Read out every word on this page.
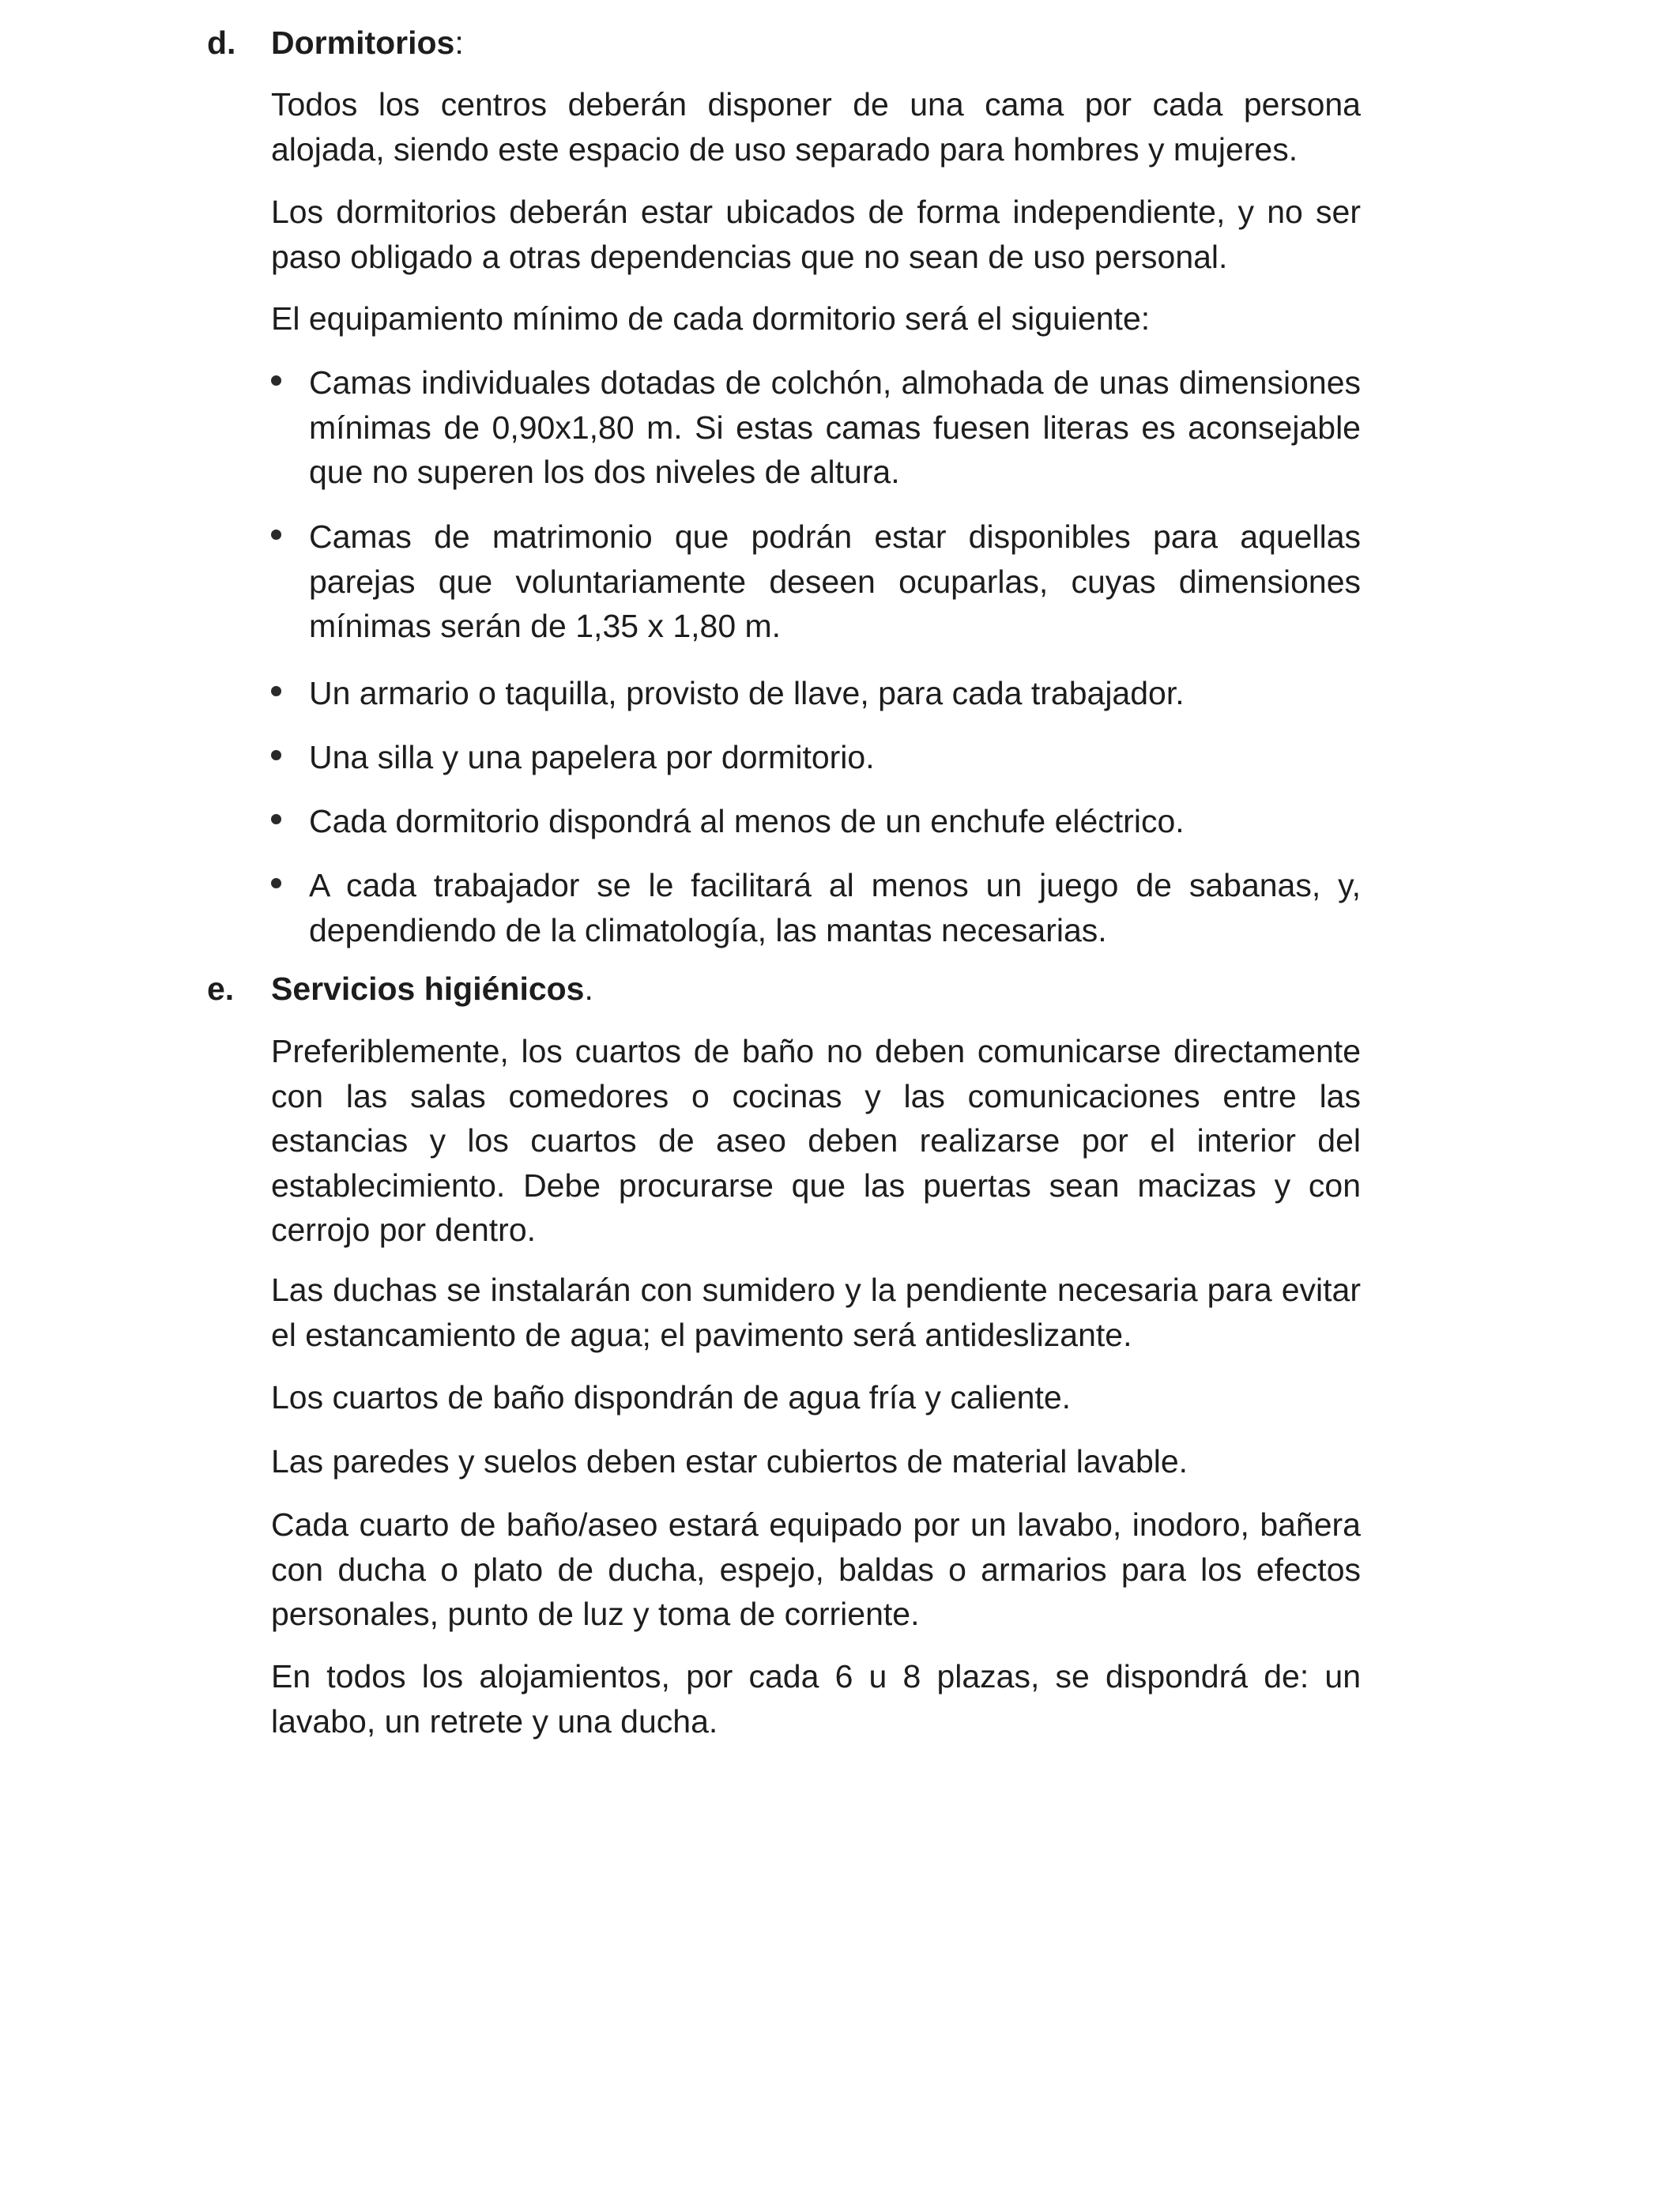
d. Dormitorios:

Todos los centros deberán disponer de una cama por cada persona alojada, siendo este espacio de uso separado para hombres y mujeres.

Los dormitorios deberán estar ubicados de forma independiente, y no ser paso obligado a otras dependencias que no sean de uso personal.

El equipamiento mínimo de cada dormitorio será el siguiente:

Camas individuales dotadas de colchón, almohada de unas dimensiones mínimas de 0,90x1,80 m. Si estas camas fuesen literas es aconsejable que no superen los dos niveles de altura.

Camas de matrimonio que podrán estar disponibles para aquellas parejas que voluntariamente deseen ocuparlas, cuyas dimensiones mínimas serán de 1,35 x 1,80 m.

Un armario o taquilla, provisto de llave, para cada trabajador.

Una silla y una papelera por dormitorio.

Cada dormitorio dispondrá al menos de un enchufe eléctrico.

A cada trabajador se le facilitará al menos un juego de sabanas, y, dependiendo de la climatología, las mantas necesarias.

e. Servicios higiénicos.

Preferiblemente, los cuartos de baño no deben comunicarse directamente con las salas comedores o cocinas y las comunicaciones entre las estancias y los cuartos de aseo deben realizarse por el interior del establecimiento. Debe procurarse que las puertas sean macizas y con cerrojo por dentro.

Las duchas se instalarán con sumidero y la pendiente necesaria para evitar el estancamiento de agua; el pavimento será antideslizante.

Los cuartos de baño dispondrán de agua fría y caliente.

Las paredes y suelos deben estar cubiertos de material lavable.

Cada cuarto de baño/aseo estará equipado por un lavabo, inodoro, bañera con ducha o plato de ducha, espejo, baldas o armarios para los efectos personales, punto de luz y toma de corriente.

En todos los alojamientos, por cada 6 u 8 plazas, se dispondrá de: un lavabo, un retrete y una ducha.
